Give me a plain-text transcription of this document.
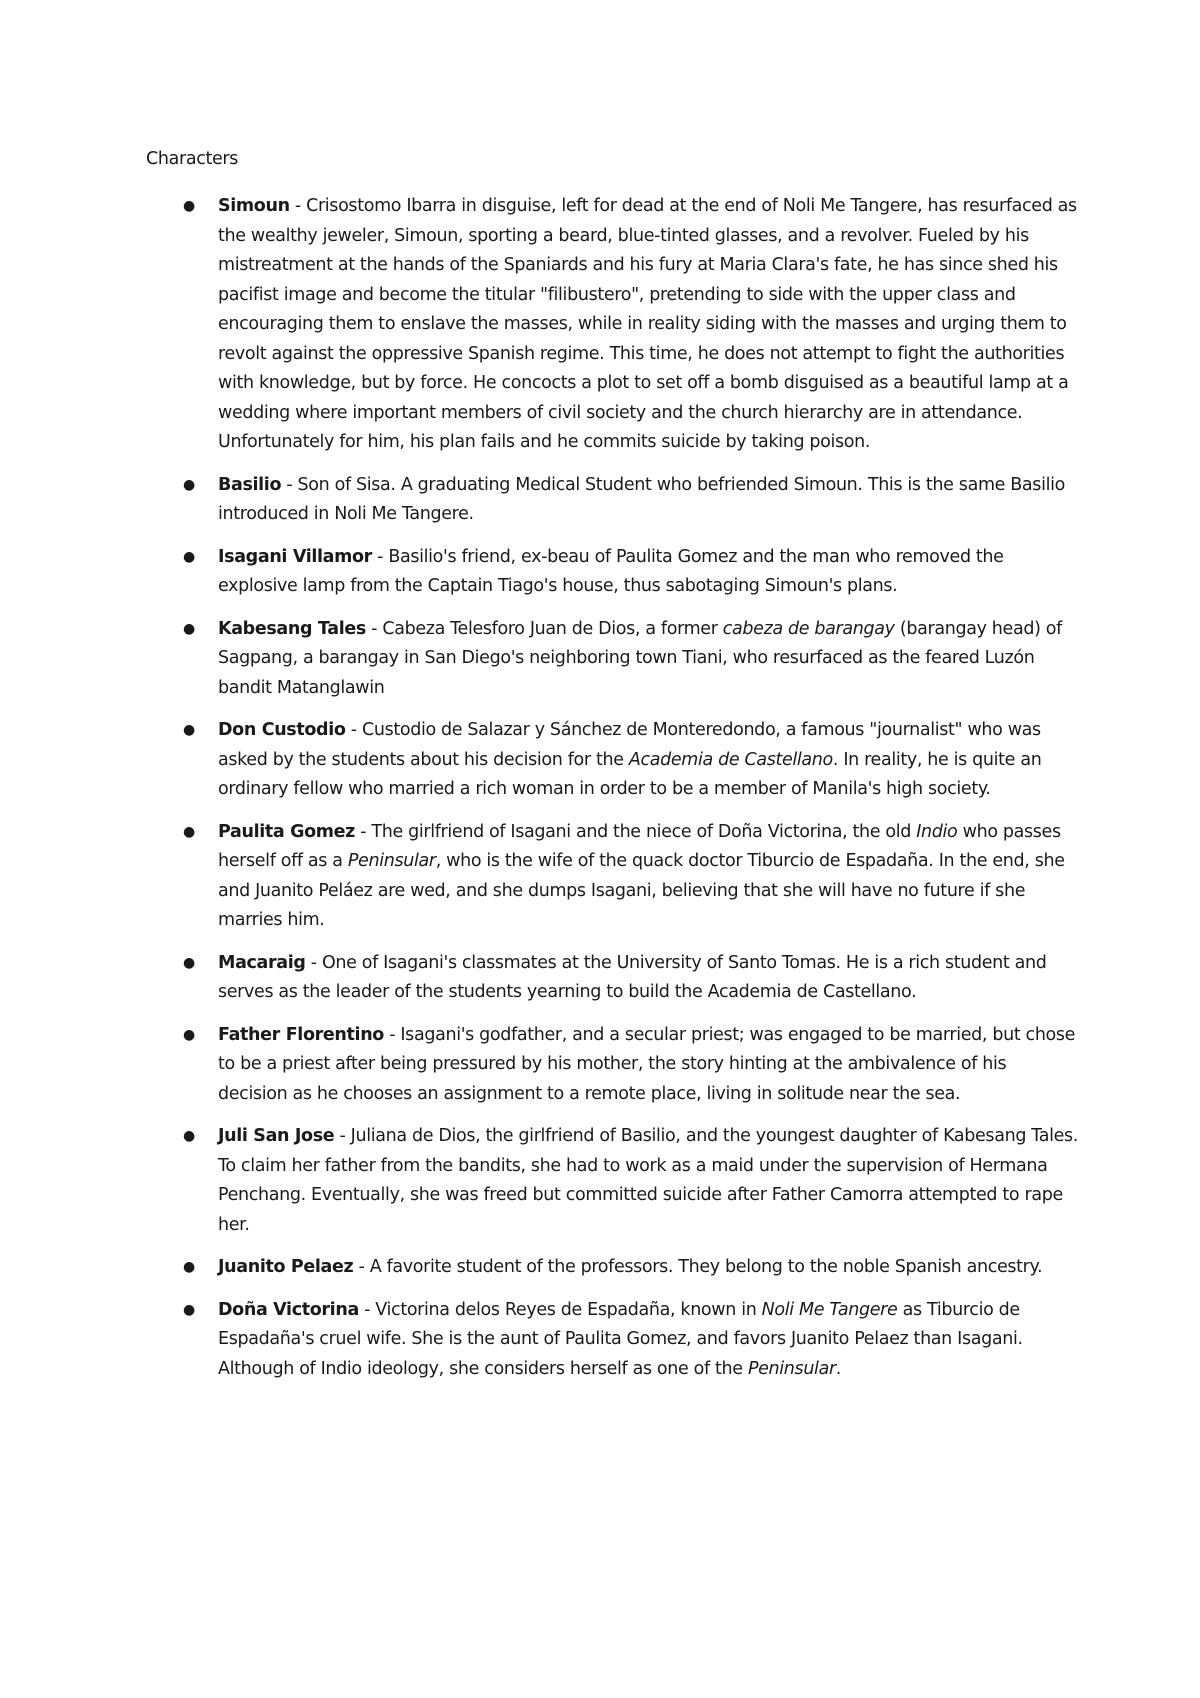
Characters

● Simoun - Crisostomo Ibarra in disguise, left for dead at the end of Noli Me Tangere, has resurfaced as the wealthy jeweler, Simoun, sporting a beard, blue-tinted glasses, and a revolver. Fueled by his mistreatment at the hands of the Spaniards and his fury at Maria Clara's fate, he has since shed his pacifist image and become the titular "filibustero", pretending to side with the upper class and encouraging them to enslave the masses, while in reality siding with the masses and urging them to revolt against the oppressive Spanish regime. This time, he does not attempt to fight the authorities with knowledge, but by force. He concocts a plot to set off a bomb disguised as a beautiful lamp at a wedding where important members of civil society and the church hierarchy are in attendance. Unfortunately for him, his plan fails and he commits suicide by taking poison.
● Basilio - Son of Sisa. A graduating Medical Student who befriended Simoun. This is the same Basilio introduced in Noli Me Tangere.
● Isagani Villamor - Basilio's friend, ex-beau of Paulita Gomez and the man who removed the explosive lamp from the Captain Tiago's house, thus sabotaging Simoun's plans.
● Kabesang Tales - Cabeza Telesforo Juan de Dios, a former cabeza de barangay (barangay head) of Sagpang, a barangay in San Diego's neighboring town Tiani, who resurfaced as the feared Luzón bandit Matanglawin
● Don Custodio - Custodio de Salazar y Sánchez de Monteredondo, a famous "journalist" who was asked by the students about his decision for the Academia de Castellano. In reality, he is quite an ordinary fellow who married a rich woman in order to be a member of Manila's high society.
● Paulita Gomez - The girlfriend of Isagani and the niece of Doña Victorina, the old Indio who passes herself off as a Peninsular, who is the wife of the quack doctor Tiburcio de Espadaña. In the end, she and Juanito Peláez are wed, and she dumps Isagani, believing that she will have no future if she marries him.
● Macaraig - One of Isagani's classmates at the University of Santo Tomas. He is a rich student and serves as the leader of the students yearning to build the Academia de Castellano.
● Father Florentino - Isagani's godfather, and a secular priest; was engaged to be married, but chose to be a priest after being pressured by his mother, the story hinting at the ambivalence of his decision as he chooses an assignment to a remote place, living in solitude near the sea.
● Juli San Jose - Juliana de Dios, the girlfriend of Basilio, and the youngest daughter of Kabesang Tales. To claim her father from the bandits, she had to work as a maid under the supervision of Hermana Penchang. Eventually, she was freed but committed suicide after Father Camorra attempted to rape her.
● Juanito Pelaez - A favorite student of the professors. They belong to the noble Spanish ancestry.
● Doña Victorina - Victorina delos Reyes de Espadaña, known in Noli Me Tangere as Tiburcio de Espadaña's cruel wife. She is the aunt of Paulita Gomez, and favors Juanito Pelaez than Isagani. Although of Indio ideology, she considers herself as one of the Peninsular.
